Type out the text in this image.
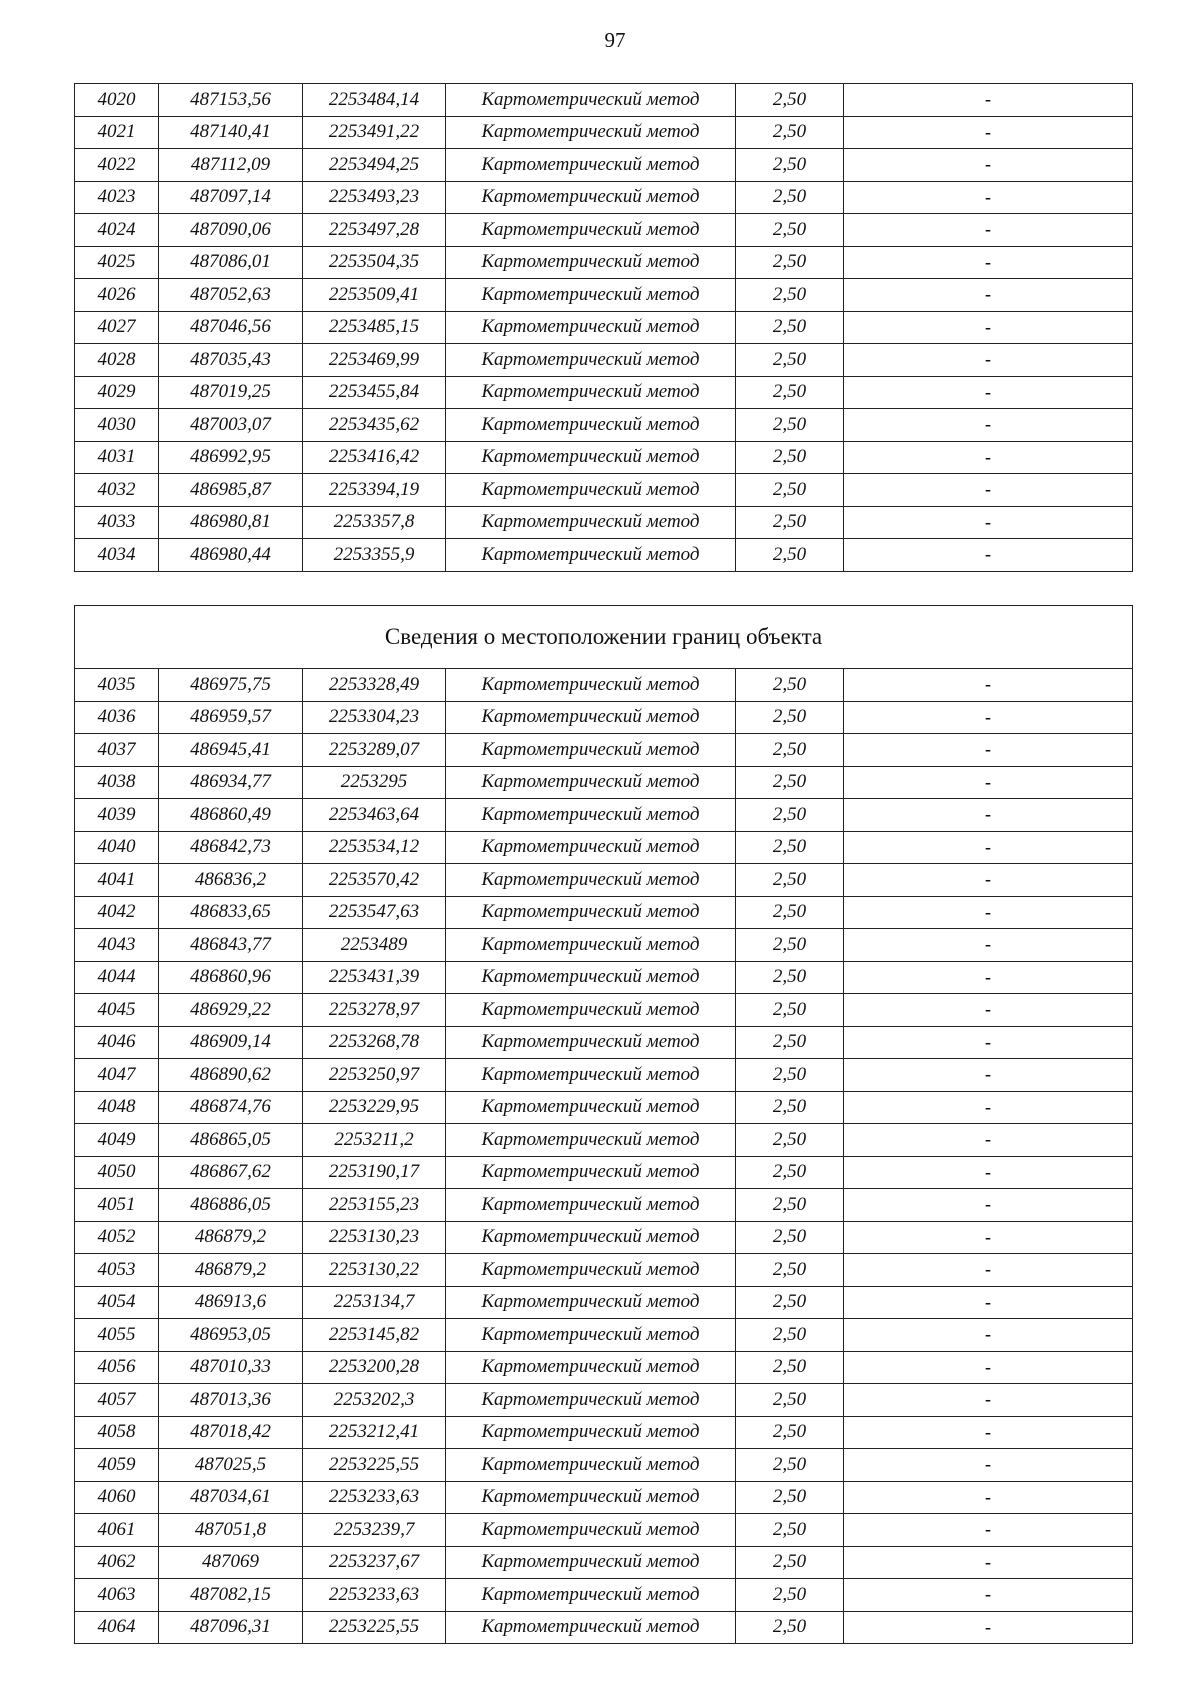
97
4020	487153,56	2253484,14	Картометрический метод	2,50	-
4021	487140,41	2253491,22	Картометрический метод	2,50	-
4022	487112,09	2253494,25	Картометрический метод	2,50	-
4023	487097,14	2253493,23	Картометрический метод	2,50	-
4024	487090,06	2253497,28	Картометрический метод	2,50	-
4025	487086,01	2253504,35	Картометрический метод	2,50	-
4026	487052,63	2253509,41	Картометрический метод	2,50	-
4027	487046,56	2253485,15	Картометрический метод	2,50	-
4028	487035,43	2253469,99	Картометрический метод	2,50	-
4029	487019,25	2253455,84	Картометрический метод	2,50	-
4030	487003,07	2253435,62	Картометрический метод	2,50	-
4031	486992,95	2253416,42	Картометрический метод	2,50	-
4032	486985,87	2253394,19	Картометрический метод	2,50	-
4033	486980,81	2253357,8	Картометрический метод	2,50	-
4034	486980,44	2253355,9	Картометрический метод	2,50	-
Сведения о местоположении границ объекта					
4035	486975,75	2253328,49	Картометрический метод	2,50	-
4036	486959,57	2253304,23	Картометрический метод	2,50	-
4037	486945,41	2253289,07	Картометрический метод	2,50	-
4038	486934,77	2253295	Картометрический метод	2,50	-
4039	486860,49	2253463,64	Картометрический метод	2,50	-
4040	486842,73	2253534,12	Картометрический метод	2,50	-
4041	486836,2	2253570,42	Картометрический метод	2,50	-
4042	486833,65	2253547,63	Картометрический метод	2,50	-
4043	486843,77	2253489	Картометрический метод	2,50	-
4044	486860,96	2253431,39	Картометрический метод	2,50	-
4045	486929,22	2253278,97	Картометрический метод	2,50	-
4046	486909,14	2253268,78	Картометрический метод	2,50	-
4047	486890,62	2253250,97	Картометрический метод	2,50	-
4048	486874,76	2253229,95	Картометрический метод	2,50	-
4049	486865,05	2253211,2	Картометрический метод	2,50	-
4050	486867,62	2253190,17	Картометрический метод	2,50	-
4051	486886,05	2253155,23	Картометрический метод	2,50	-
4052	486879,2	2253130,23	Картометрический метод	2,50	-
4053	486879,2	2253130,22	Картометрический метод	2,50	-
4054	486913,6	2253134,7	Картометрический метод	2,50	-
4055	486953,05	2253145,82	Картометрический метод	2,50	-
4056	487010,33	2253200,28	Картометрический метод	2,50	-
4057	487013,36	2253202,3	Картометрический метод	2,50	-
4058	487018,42	2253212,41	Картометрический метод	2,50	-
4059	487025,5	2253225,55	Картометрический метод	2,50	-
4060	487034,61	2253233,63	Картометрический метод	2,50	-
4061	487051,8	2253239,7	Картометрический метод	2,50	-
4062	487069	2253237,67	Картометрический метод	2,50	-
4063	487082,15	2253233,63	Картометрический метод	2,50	-
4064	487096,31	2253225,55	Картометрический метод	2,50	-
